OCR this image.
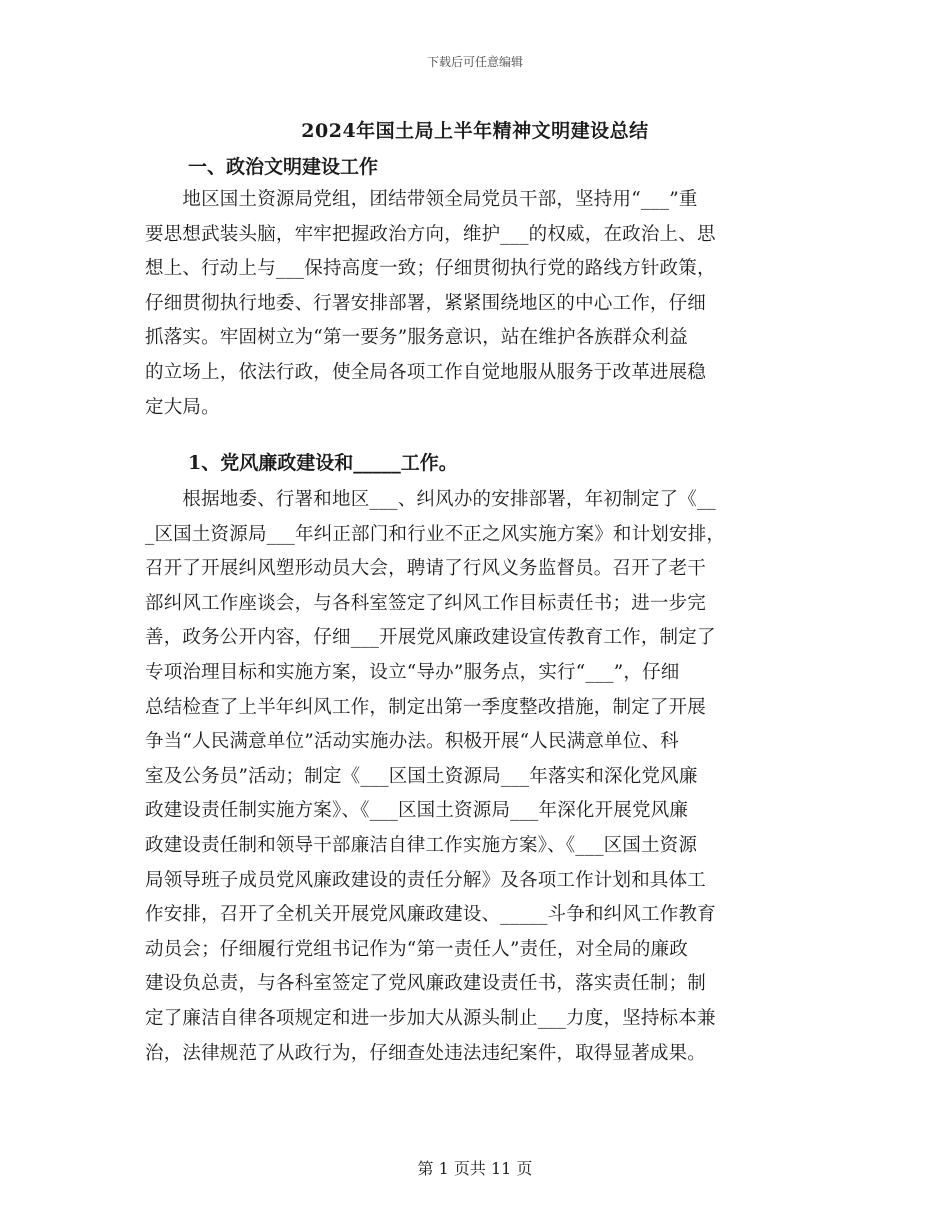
下载后可任意编辑
2024年国土局上半年精神文明建设总结
一、政治文明建设工作
　　地区国土资源局党组，团结带领全局党员干部，坚持用“___”重
要思想武装头脑，牢牢把握政治方向，维护___的权威，在政治上、思
想上、行动上与___保持高度一致；仔细贯彻执行党的路线方针政策，
仔细贯彻执行地委、行署安排部署，紧紧围绕地区的中心工作，仔细
抓落实。牢固树立为“第一要务”服务意识，站在维护各族群众利益
的立场上，依法行政，使全局各项工作自觉地服从服务于改革进展稳
定大局。
1、党风廉政建设和_____工作。
　　根据地委、行署和地区___、纠风办的安排部署，年初制定了《__
_区国土资源局___年纠正部门和行业不正之风实施方案》和计划安排，
召开了开展纠风塑形动员大会，聘请了行风义务监督员。召开了老干
部纠风工作座谈会，与各科室签定了纠风工作目标责任书；进一步完
善，政务公开内容，仔细___开展党风廉政建设宣传教育工作，制定了
专项治理目标和实施方案，设立“导办”服务点，实行“___”，仔细
总结检查了上半年纠风工作，制定出第一季度整改措施，制定了开展
争当“人民满意单位”活动实施办法。积极开展“人民满意单位、科
室及公务员”活动；制定《___区国土资源局___年落实和深化党风廉
政建设责任制实施方案》、《___区国土资源局___年深化开展党风廉
政建设责任制和领导干部廉洁自律工作实施方案》、《___区国土资源
局领导班子成员党风廉政建设的责任分解》及各项工作计划和具体工
作安排，召开了全机关开展党风廉政建设、_____斗争和纠风工作教育
动员会；仔细履行党组书记作为“第一责任人”责任，对全局的廉政
建设负总责，与各科室签定了党风廉政建设责任书，落实责任制；制
定了廉洁自律各项规定和进一步加大从源头制止___力度，坚持标本兼
治，法律规范了从政行为，仔细查处违法违纪案件，取得显著成果。
第 1 页共 11 页
